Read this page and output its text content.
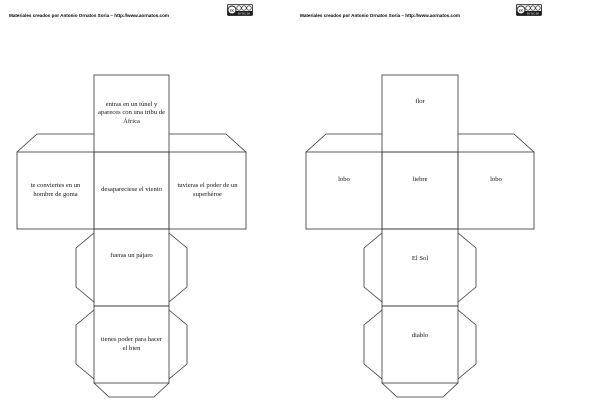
Materiales creados por Antonio Ornatos Soria – http://www.aornatos.com
cc
BY NC SA
entras en un túnel y apareces con una tribu de África
te conviertes en un hombre de goma
desapareciese el viento
tuvieras el poder de un superhéroe
fueras un pájaro
tienes poder para hacer el bien
Materiales creados por Antonio Ornatos Soria – http://www.aornatos.com
cc
BY NC SA
flor
lobo	liebre	lobo
El Sol
diablo
